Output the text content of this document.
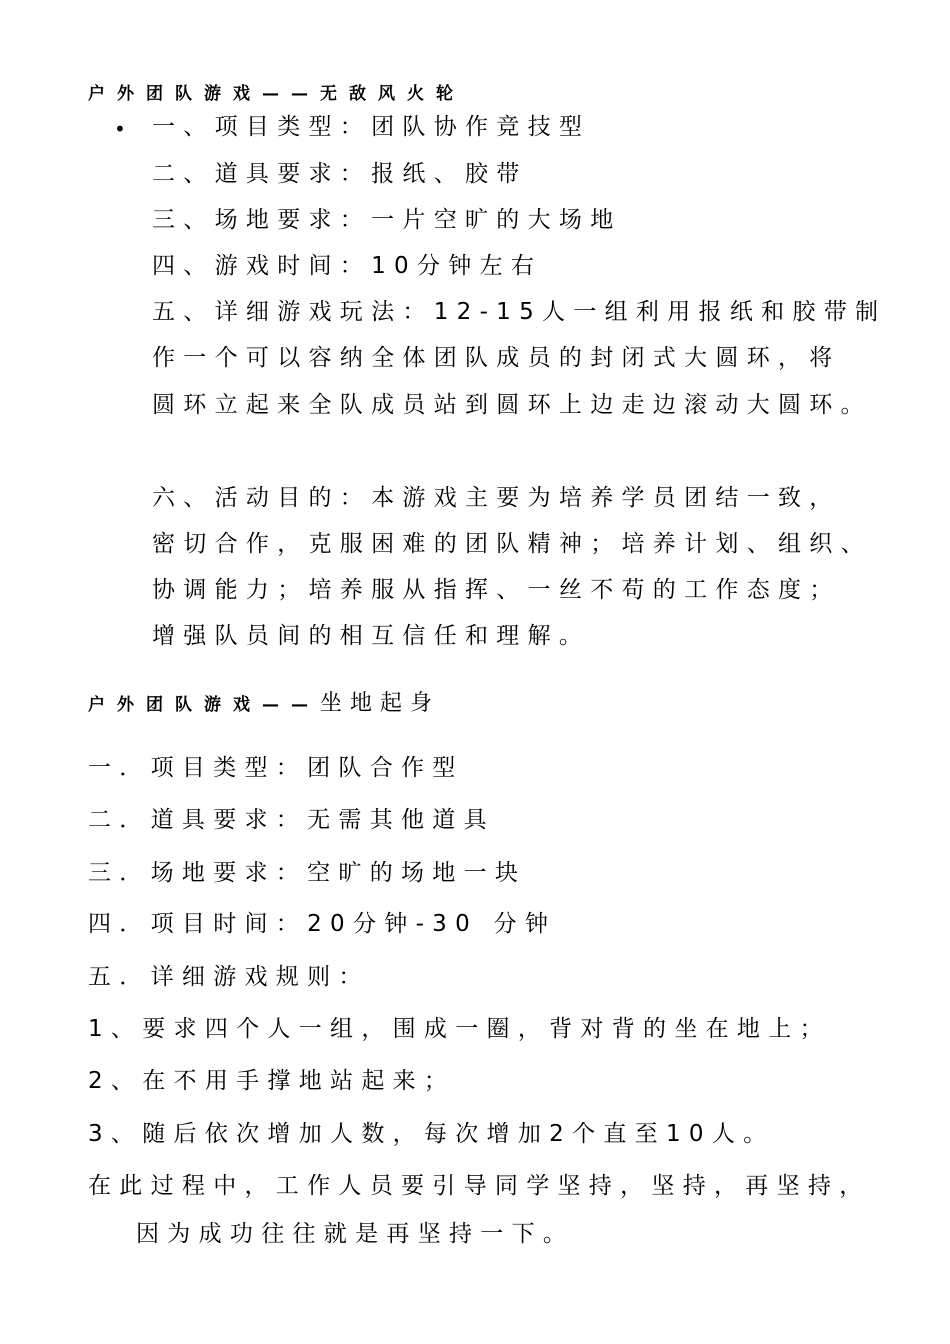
户外团队游戏——无敌风火轮
• 一、项目类型：团队协作竞技型
二、道具要求：报纸、胶带
三、场地要求：一片空旷的大场地
四、游戏时间：10分钟左右
五、详细游戏玩法：12-15人一组利用报纸和胶带制
作一个可以容纳全体团队成员的封闭式大圆环，将
圆环立起来全队成员站到圆环上边走边滚动大圆环。
六、活动目的：本游戏主要为培养学员团结一致，
密切合作，克服困难的团队精神；培养计划、组织、
协调能力；培养服从指挥、一丝不苟的工作态度；
增强队员间的相互信任和理解。
户外团队游戏——坐地起身
一．项目类型：团队合作型
二．道具要求：无需其他道具
三．场地要求：空旷的场地一块
四．项目时间：20分钟-30 分钟
五．详细游戏规则：
1、要求四个人一组，围成一圈，背对背的坐在地上；
2、在不用手撑地站起来；
3、随后依次增加人数，每次增加2个直至10人。
在此过程中，工作人员要引导同学坚持，坚持，再坚持，
因为成功往往就是再坚持一下。
